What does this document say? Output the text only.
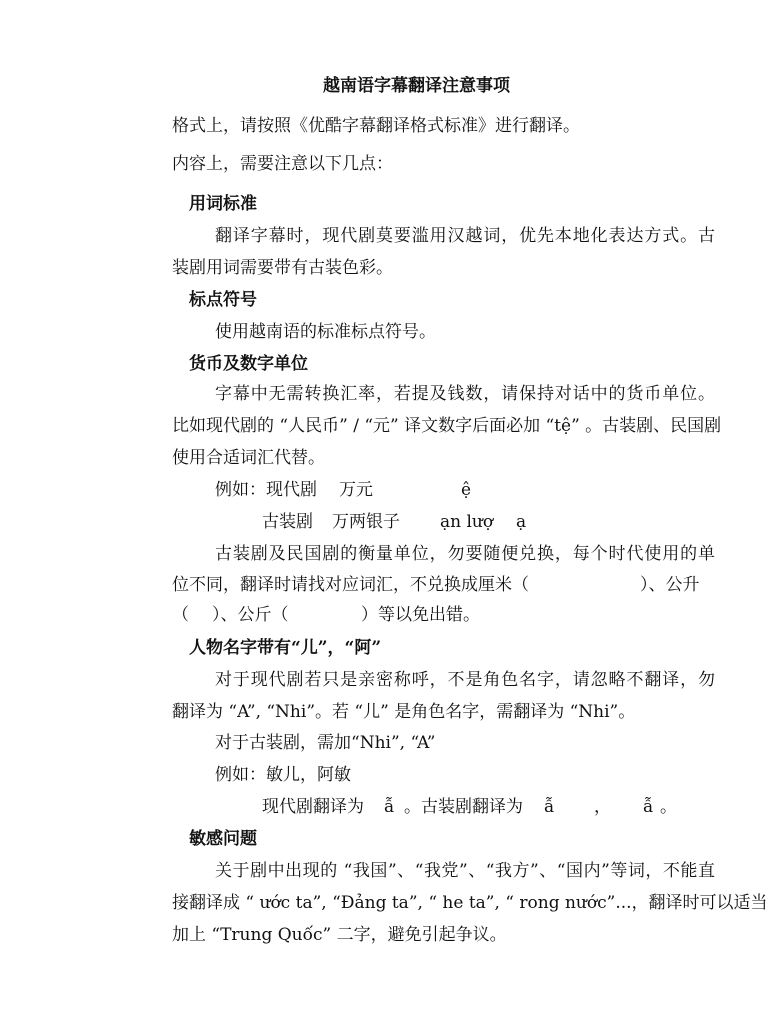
越南语字幕翻译注意事项
格式上，请按照《优酷字幕翻译格式标准》进行翻译。
内容上，需要注意以下几点：
用词标准
翻译字幕时，现代剧莫要滥用汉越词，优先本地化表达方式。古
装剧用词需要带有古装色彩。
标点符号
使用越南语的标准标点符号。
货币及数字单位
字幕中无需转换汇率，若提及钱数，请保持对话中的货币单位。
比如现代剧的 “人民币” / “元” 译文数字后面必加 “tệ” 。古装剧、民国剧
使用合适词汇代替。
例如：现代剧 万元	ệ
古装剧 万两银子 ạn lượ ạ
古装剧及民国剧的衡量单位，勿要随便兑换，每个时代使用的单
位不同，翻译时请找对应词汇，不兑换成厘米（	）、公升
（ ）、公斤（	）等以免出错。
人物名字带有“儿”，“阿”
对于现代剧若只是亲密称呼，不是角色名字，请忽略不翻译，勿
翻译为 “A”, “Nhi”。若 “儿” 是角色名字，需翻译为 “Nhi”。
对于古装剧，需加“Nhi”, “A”
例如：敏儿，阿敏
现代剧翻译为 ẫ 。古装剧翻译为 ẫ ， ẫ 。
敏感问题
关于剧中出现的 “我国”、“我党”、“我方”、“国内”等词，不能直
接翻译成 “ ước ta”, “Đảng ta”, “ he ta”, “ rong nước”...，翻译时可以适当
加上 “Trung Quốc” 二字，避免引起争议。
